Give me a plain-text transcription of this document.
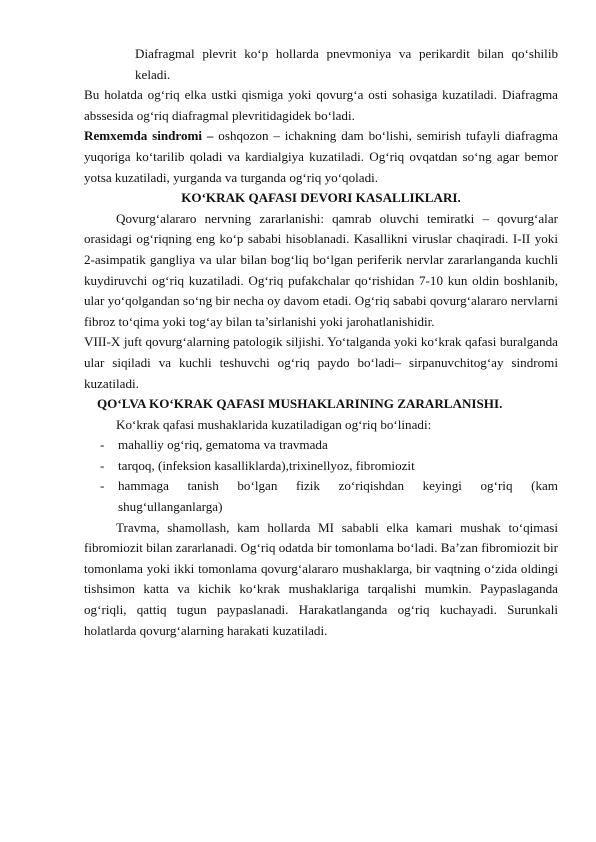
Diafragmal plevrit ko‘p hollarda pnevmoniya va perikardit bilan qo‘shilib keladi.

Bu holatda og‘riq elka ustki qismiga yoki qovurg‘a osti sohasiga kuzatiladi. Diafragma abssesida og‘riq diafragmal plevritidagidek bo‘ladi.

Remxemda sindromi – oshqozon – ichakning dam bo‘lishi, semirish tufayli diafragma yuqoriga ko‘tarilib qoladi va kardialgiya kuzatiladi. Og‘riq ovqatdan so‘ng agar bemor yotsa kuzatiladi, yurganda va turganda og‘riq yo‘qoladi.

KO‘KRAK QAFASI DEVORI KASALLIKLARI.

Qovurg‘alararo nervning zararlanishi: qamrab oluvchi temiratki – qovurg‘alar orasidagi og‘riqning eng ko‘p sababi hisoblanadi. Kasallikni viruslar chaqiradi. I-II yoki 2-asimpatik gangliya va ular bilan bog‘liq bo‘lgan periferik nervlar zararlanganda kuchli kuydiruvchi og‘riq kuzatiladi. Og‘riq pufakchalar qo‘rishidan 7-10 kun oldin boshlanib, ular yo‘qolgandan so‘ng bir necha oy davom etadi. Og‘riq sababi qovurg‘alararo nervlarni fibroz to‘qima yoki tog‘ay bilan ta’sirlanishi yoki jarohatlanishidir.

VIII-X juft qovurg‘alarning patologik siljishi. Yo‘talganda yoki ko‘krak qafasi buralganda ular siqiladi va kuchli teshuvchi og‘riq paydo bo‘ladi– sirpanuvchitog‘ay sindromi kuzatiladi.

QO‘LVA KO‘KRAK QAFASI MUSHAKLARINING ZARARLANISHI.

Ko‘krak qafasi mushaklarida kuzatiladigan og‘riq bo‘linadi:

- mahalliy og‘riq, gematoma va travmada
- tarqoq, (infeksion kasalliklarda),trixinellyoz, fibromiozit
- hammaga tanish bo‘lgan fizik zo‘riqishdan keyingi og‘riq (kam shug‘ullanganlarga)

Travma, shamollash, kam hollarda MI sababli elka kamari mushak to‘qimasi fibromiozit bilan zararlanadi. Og‘riq odatda bir tomonlama bo‘ladi. Ba’zan fibromiozit bir tomonlama yoki ikki tomonlama qovurg‘alararo mushaklarga, bir vaqtning o‘zida oldingi tishsimon katta va kichik ko‘krak mushaklariga tarqalishi mumkin. Paypaslaganda og‘riqli, qattiq tugun paypaslanadi. Harakatlanganda og‘riq kuchayadi. Surunkali holatlarda qovurg‘alarning harakati kuzatiladi.
